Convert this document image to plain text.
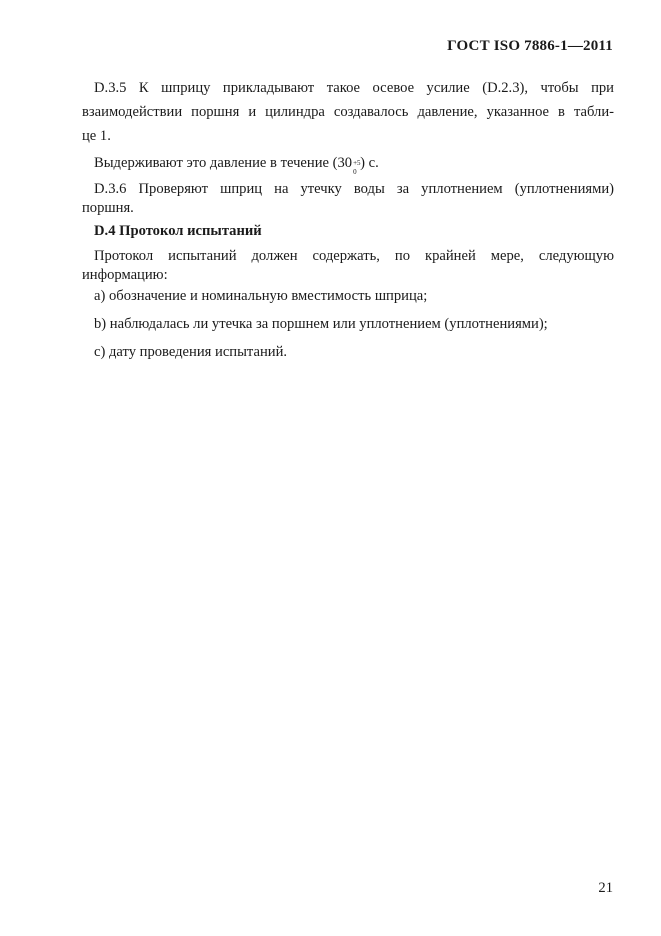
ГОСТ ISO 7886-1—2011
D.3.5 К шприцу прикладывают такое осевое усилие (D.2.3), чтобы при
взаимодействии поршня и цилиндра создавалось давление, указанное в табли-
це 1.
Выдерживают это давление в течение (30 +5
0
) с.
D.3.6 Проверяют шприц на утечку воды за уплотнением (уплотнениями)
поршня.
D.4 Протокол испытаний
Протокол испытаний должен содержать, по крайней мере, следующую
информацию:
a) обозначение и номинальную вместимость шприца;
b) наблюдалась ли утечка за поршнем или уплотнением (уплотнениями);
c) дату проведения испытаний.
21
